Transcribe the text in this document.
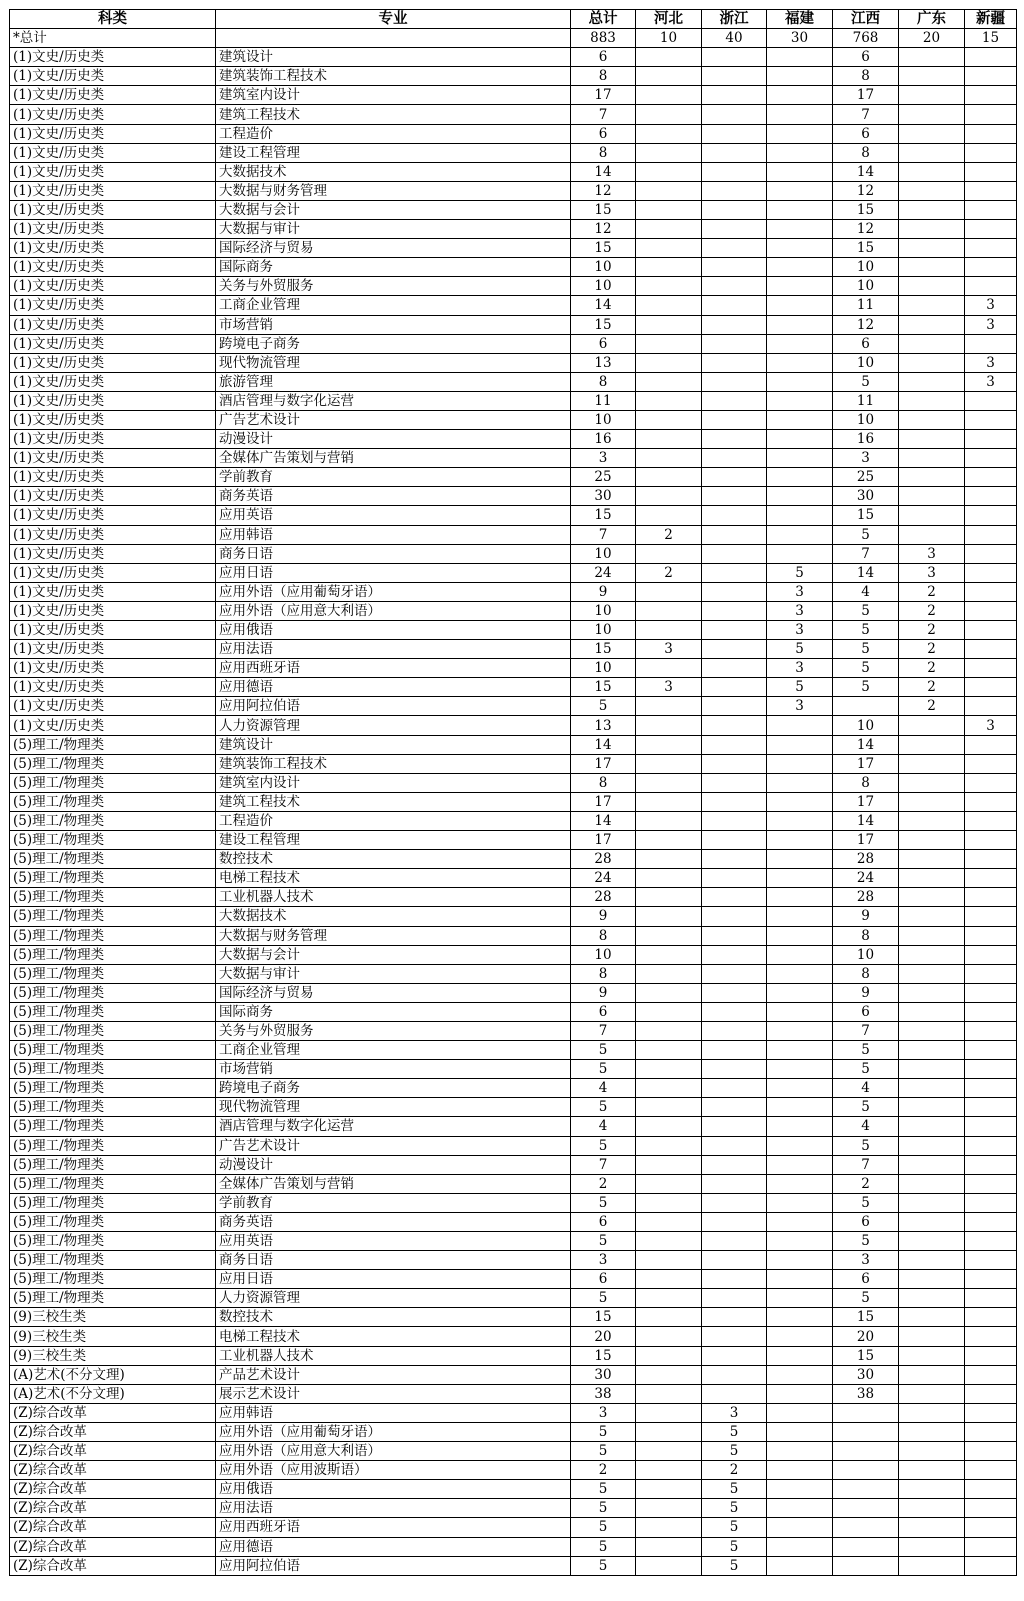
科类	专业	总计	河北	浙江	福建	江西	广东	新疆
*总计		883	10	40	30	768	20	15
(1)文史/历史类	建筑设计	6				6		
(1)文史/历史类	建筑装饰工程技术	8				8		
(1)文史/历史类	建筑室内设计	17				17		
(1)文史/历史类	建筑工程技术	7				7		
(1)文史/历史类	工程造价	6				6		
(1)文史/历史类	建设工程管理	8				8		
(1)文史/历史类	大数据技术	14				14		
(1)文史/历史类	大数据与财务管理	12				12		
(1)文史/历史类	大数据与会计	15				15		
(1)文史/历史类	大数据与审计	12				12		
(1)文史/历史类	国际经济与贸易	15				15		
(1)文史/历史类	国际商务	10				10		
(1)文史/历史类	关务与外贸服务	10				10		
(1)文史/历史类	工商企业管理	14				11		3
(1)文史/历史类	市场营销	15				12		3
(1)文史/历史类	跨境电子商务	6				6		
(1)文史/历史类	现代物流管理	13				10		3
(1)文史/历史类	旅游管理	8				5		3
(1)文史/历史类	酒店管理与数字化运营	11				11		
(1)文史/历史类	广告艺术设计	10				10		
(1)文史/历史类	动漫设计	16				16		
(1)文史/历史类	全媒体广告策划与营销	3				3		
(1)文史/历史类	学前教育	25				25		
(1)文史/历史类	商务英语	30				30		
(1)文史/历史类	应用英语	15				15		
(1)文史/历史类	应用韩语	7	2			5		
(1)文史/历史类	商务日语	10				7	3	
(1)文史/历史类	应用日语	24	2		5	14	3	
(1)文史/历史类	应用外语（应用葡萄牙语）	9			3	4	2	
(1)文史/历史类	应用外语（应用意大利语）	10			3	5	2	
(1)文史/历史类	应用俄语	10			3	5	2	
(1)文史/历史类	应用法语	15	3		5	5	2	
(1)文史/历史类	应用西班牙语	10			3	5	2	
(1)文史/历史类	应用德语	15	3		5	5	2	
(1)文史/历史类	应用阿拉伯语	5			3		2	
(1)文史/历史类	人力资源管理	13				10		3
(5)理工/物理类	建筑设计	14				14		
(5)理工/物理类	建筑装饰工程技术	17				17		
(5)理工/物理类	建筑室内设计	8				8		
(5)理工/物理类	建筑工程技术	17				17		
(5)理工/物理类	工程造价	14				14		
(5)理工/物理类	建设工程管理	17				17		
(5)理工/物理类	数控技术	28				28		
(5)理工/物理类	电梯工程技术	24				24		
(5)理工/物理类	工业机器人技术	28				28		
(5)理工/物理类	大数据技术	9				9		
(5)理工/物理类	大数据与财务管理	8				8		
(5)理工/物理类	大数据与会计	10				10		
(5)理工/物理类	大数据与审计	8				8		
(5)理工/物理类	国际经济与贸易	9				9		
(5)理工/物理类	国际商务	6				6		
(5)理工/物理类	关务与外贸服务	7				7		
(5)理工/物理类	工商企业管理	5				5		
(5)理工/物理类	市场营销	5				5		
(5)理工/物理类	跨境电子商务	4				4		
(5)理工/物理类	现代物流管理	5				5		
(5)理工/物理类	酒店管理与数字化运营	4				4		
(5)理工/物理类	广告艺术设计	5				5		
(5)理工/物理类	动漫设计	7				7		
(5)理工/物理类	全媒体广告策划与营销	2				2		
(5)理工/物理类	学前教育	5				5		
(5)理工/物理类	商务英语	6				6		
(5)理工/物理类	应用英语	5				5		
(5)理工/物理类	商务日语	3				3		
(5)理工/物理类	应用日语	6				6		
(5)理工/物理类	人力资源管理	5				5		
(9)三校生类	数控技术	15				15		
(9)三校生类	电梯工程技术	20				20		
(9)三校生类	工业机器人技术	15				15		
(A)艺术(不分文理)	产品艺术设计	30				30		
(A)艺术(不分文理)	展示艺术设计	38				38		
(Z)综合改革	应用韩语	3		3				
(Z)综合改革	应用外语（应用葡萄牙语）	5		5				
(Z)综合改革	应用外语（应用意大利语）	5		5				
(Z)综合改革	应用外语（应用波斯语）	2		2				
(Z)综合改革	应用俄语	5		5				
(Z)综合改革	应用法语	5		5				
(Z)综合改革	应用西班牙语	5		5				
(Z)综合改革	应用德语	5		5				
(Z)综合改革	应用阿拉伯语	5		5				
